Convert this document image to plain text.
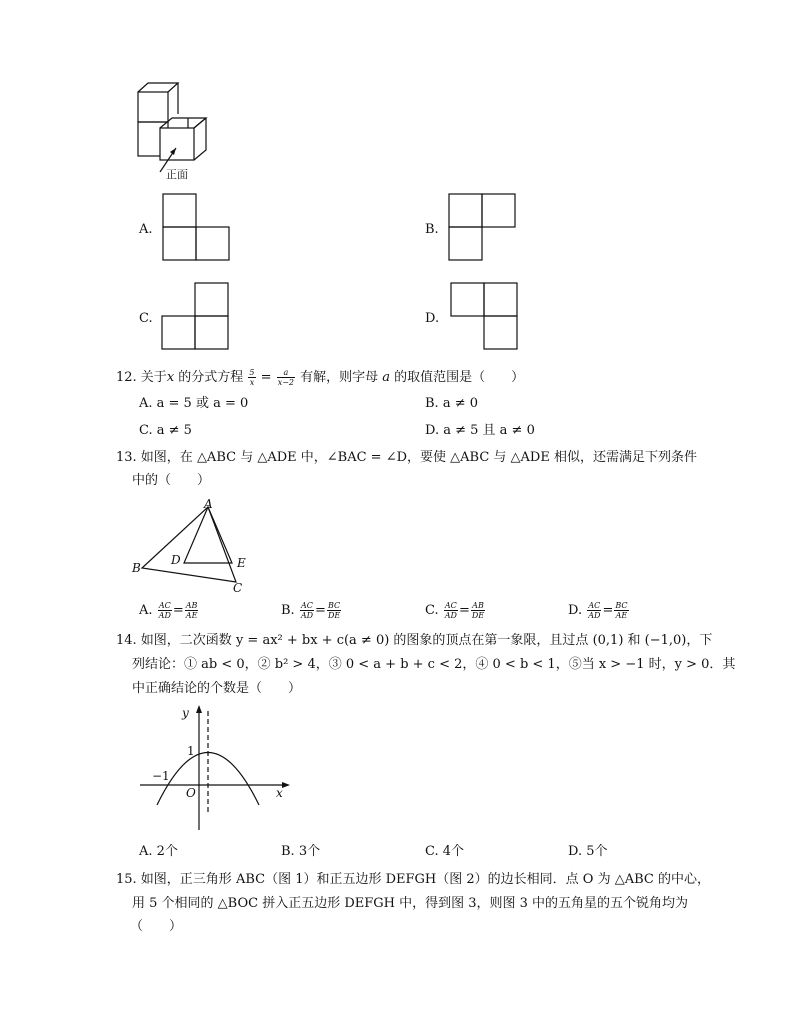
正面
A.	B.
C.	D.
12. 关于x 的分式方程 $\frac{5}{x} = \frac{a}{x-2}$ 有解，则字母 a 的取值范围是（　　）
A. a = 5 或 a = 0	B. a ≠ 0
C. a ≠ 5	D. a ≠ 5 且 a ≠ 0
13. 如图，在 △ABC 与 △ADE 中，∠BAC = ∠D，要使 △ABC 与 △ADE 相似，还需满足下列条件
中的（　　）
A
B
C
D	E
A. $\frac{AC}{AD} = \frac{AB}{AE}$	B. $\frac{AC}{AD} = \frac{BC}{DE}$	C. $\frac{AC}{AD} = \frac{AB}{DE}$	D. $\frac{AC}{AD} = \frac{BC}{AE}$
14. 如图，二次函数 y = ax² + bx + c(a ≠ 0) 的图象的顶点在第一象限，且过点 (0,1) 和 (−1,0)，下
列结论：① ab < 0，② b² > 4，③ 0 < a + b + c < 2，④ 0 < b < 1，⑤当 x > −1 时，y > 0．其
中正确结论的个数是（　　）
y
x
1
−1
O
A. 2个	B. 3个	C. 4个	D. 5个
15. 如图，正三角形 ABC（图 1）和正五边形 DEFGH（图 2）的边长相同．点 O 为 △ABC 的中心，
用 5 个相同的 △BOC 拼入正五边形 DEFGH 中，得到图 3，则图 3 中的五角星的五个锐角均为
（　　）
